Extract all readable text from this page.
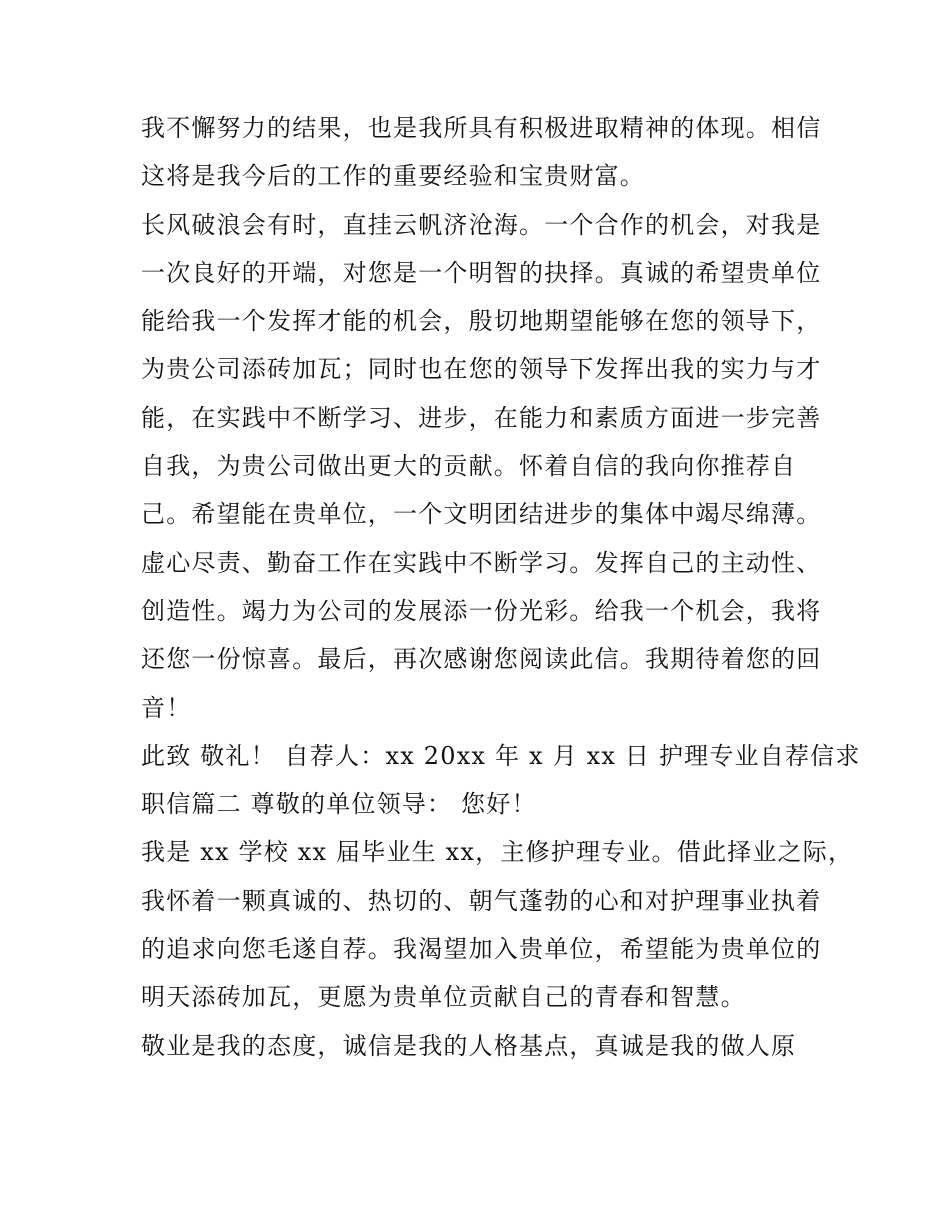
我不懈努力的结果，也是我所具有积极进取精神的体现。相信
这将是我今后的工作的重要经验和宝贵财富。
长风破浪会有时，直挂云帆济沧海。一个合作的机会，对我是
一次良好的开端，对您是一个明智的抉择。真诚的希望贵单位
能给我一个发挥才能的机会，殷切地期望能够在您的领导下，
为贵公司添砖加瓦；同时也在您的领导下发挥出我的实力与才
能，在实践中不断学习、进步，在能力和素质方面进一步完善
自我，为贵公司做出更大的贡献。怀着自信的我向你推荐自
己。希望能在贵单位，一个文明团结进步的集体中竭尽绵薄。
虚心尽责、勤奋工作在实践中不断学习。发挥自己的主动性、
创造性。竭力为公司的发展添一份光彩。给我一个机会，我将
还您一份惊喜。最后，再次感谢您阅读此信。我期待着您的回
音！
此致 敬礼！ 自荐人：xx 20xx 年 x 月 xx 日 护理专业自荐信求
职信篇二 尊敬的单位领导： 您好！
我是 xx 学校 xx 届毕业生 xx，主修护理专业。借此择业之际，
我怀着一颗真诚的、热切的、朝气蓬勃的心和对护理事业执着
的追求向您毛遂自荐。我渴望加入贵单位，希望能为贵单位的
明天添砖加瓦，更愿为贵单位贡献自己的青春和智慧。
敬业是我的态度，诚信是我的人格基点，真诚是我的做人原
